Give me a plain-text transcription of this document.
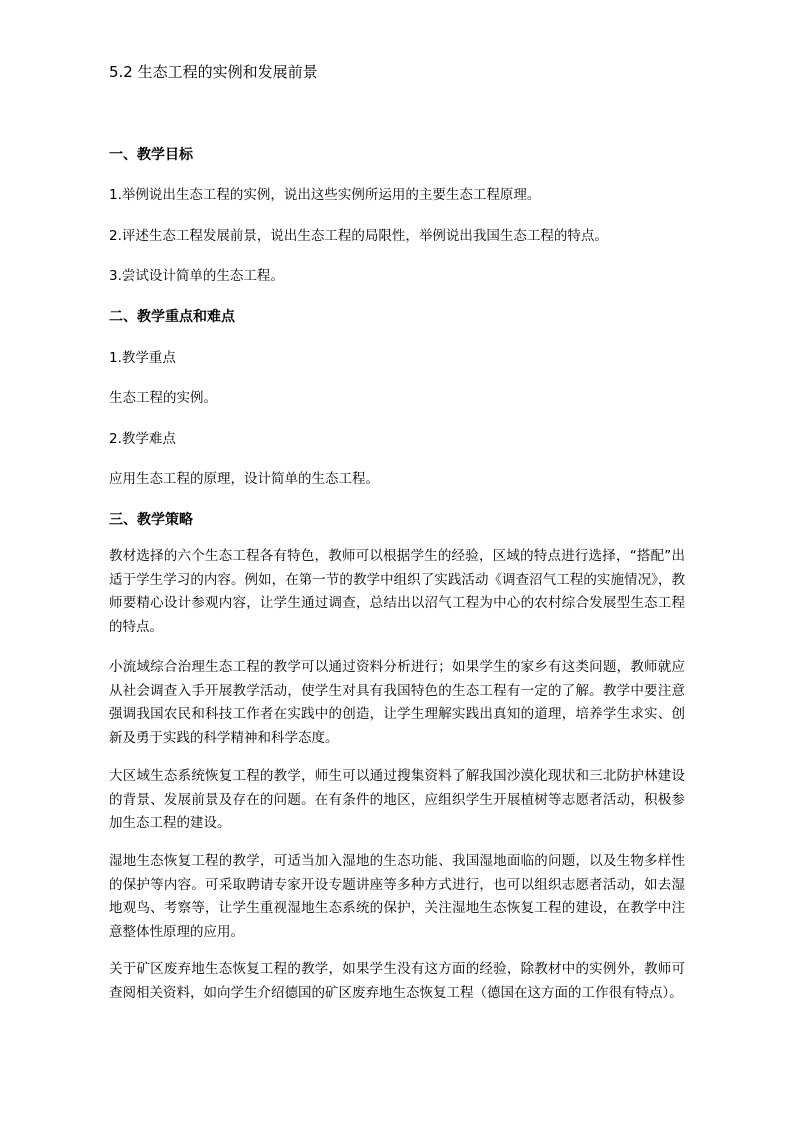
5.2 生态工程的实例和发展前景
一、教学目标
1.举例说出生态工程的实例，说出这些实例所运用的主要生态工程原理。
2.评述生态工程发展前景，说出生态工程的局限性，举例说出我国生态工程的特点。
3.尝试设计简单的生态工程。
二、教学重点和难点
1.教学重点
生态工程的实例。
2.教学难点
应用生态工程的原理，设计简单的生态工程。
三、教学策略
教材选择的六个生态工程各有特色，教师可以根据学生的经验，区域的特点进行选择，“搭配”出适于学生学习的内容。例如，在第一节的教学中组织了实践活动《调查沼气工程的实施情况》，教师要精心设计参观内容，让学生通过调查，总结出以沼气工程为中心的农村综合发展型生态工程的特点。
小流域综合治理生态工程的教学可以通过资料分析进行；如果学生的家乡有这类问题，教师就应从社会调查入手开展教学活动，使学生对具有我国特色的生态工程有一定的了解。教学中要注意强调我国农民和科技工作者在实践中的创造，让学生理解实践出真知的道理，培养学生求实、创新及勇于实践的科学精神和科学态度。
大区域生态系统恢复工程的教学，师生可以通过搜集资料了解我国沙漠化现状和三北防护林建设的背景、发展前景及存在的问题。在有条件的地区，应组织学生开展植树等志愿者活动，积极参加生态工程的建设。
湿地生态恢复工程的教学，可适当加入湿地的生态功能、我国湿地面临的问题，以及生物多样性的保护等内容。可采取聘请专家开设专题讲座等多种方式进行，也可以组织志愿者活动，如去湿地观鸟、考察等，让学生重视湿地生态系统的保护，关注湿地生态恢复工程的建设，在教学中注意整体性原理的应用。
关于矿区废弃地生态恢复工程的教学，如果学生没有这方面的经验，除教材中的实例外，教师可查阅相关资料，如向学生介绍德国的矿区废弃地生态恢复工程（德国在这方面的工作很有特点）。
